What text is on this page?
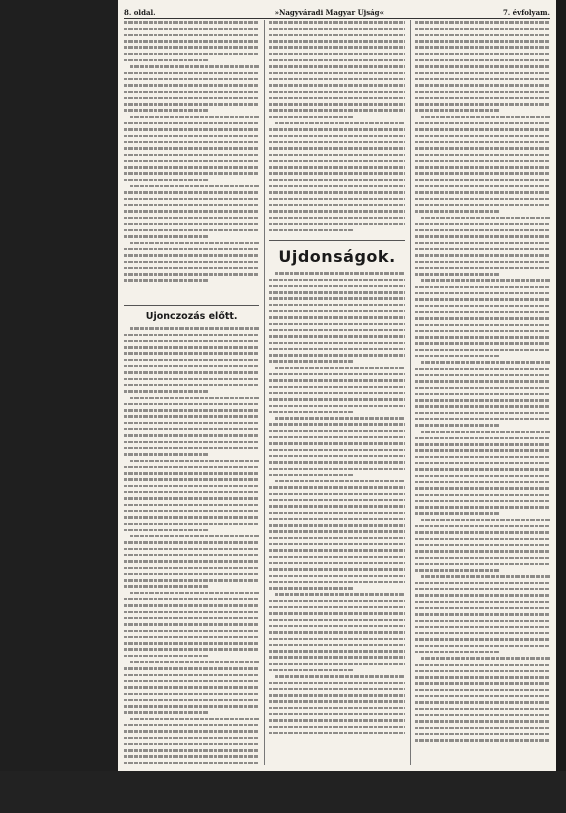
8. oldal.	»Nagyváradi Magyar Ujság«	7. évfolyam.
Ujonczozás előtt.
Ujdonságok.
